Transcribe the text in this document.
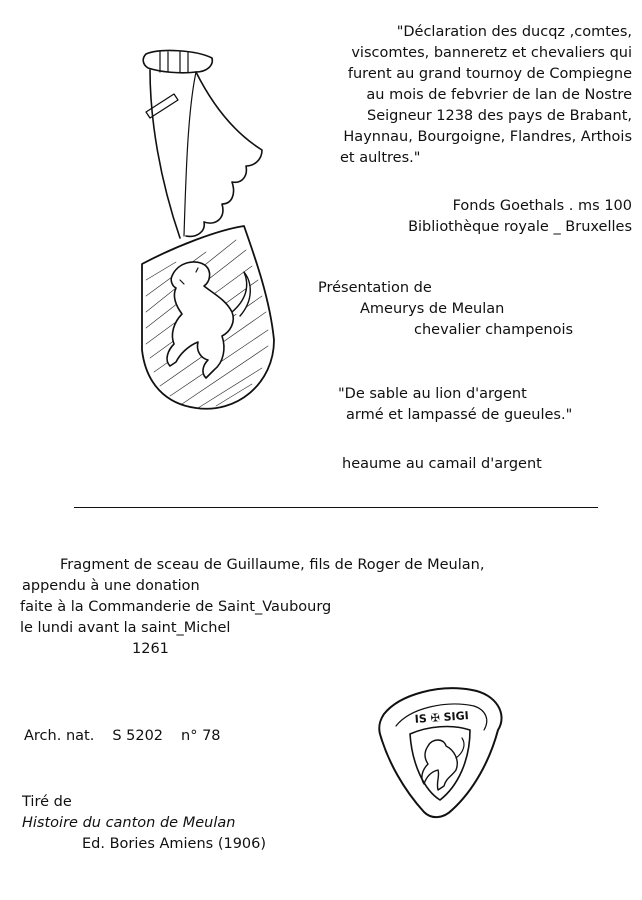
"Déclaration des ducqz ,comtes,
viscomtes, banneretz et chevaliers qui
furent au grand tournoy de Compiegne
au mois de febvrier de lan de Nostre
Seigneur 1238 des pays de Brabant,
Haynnau, Bourgoigne, Flandres, Arthois
et aultres."
Fonds Goethals . ms 100
Bibliothèque royale _ Bruxelles
Présentation de
Ameurys de Meulan
chevalier champenois
"De sable au lion d'argent
armé et lampassé de gueules."
heaume au camail d'argent
Fragment de sceau de Guillaume, fils de Roger de Meulan,
appendu à une donation
faite à la Commanderie de Saint_Vaubourg
le lundi avant la saint_Michel
1261
Arch. nat. S 5202 n° 78
IS ✠ SIGI
Tiré de
Histoire du canton de Meulan
Ed. Bories Amiens (1906)
